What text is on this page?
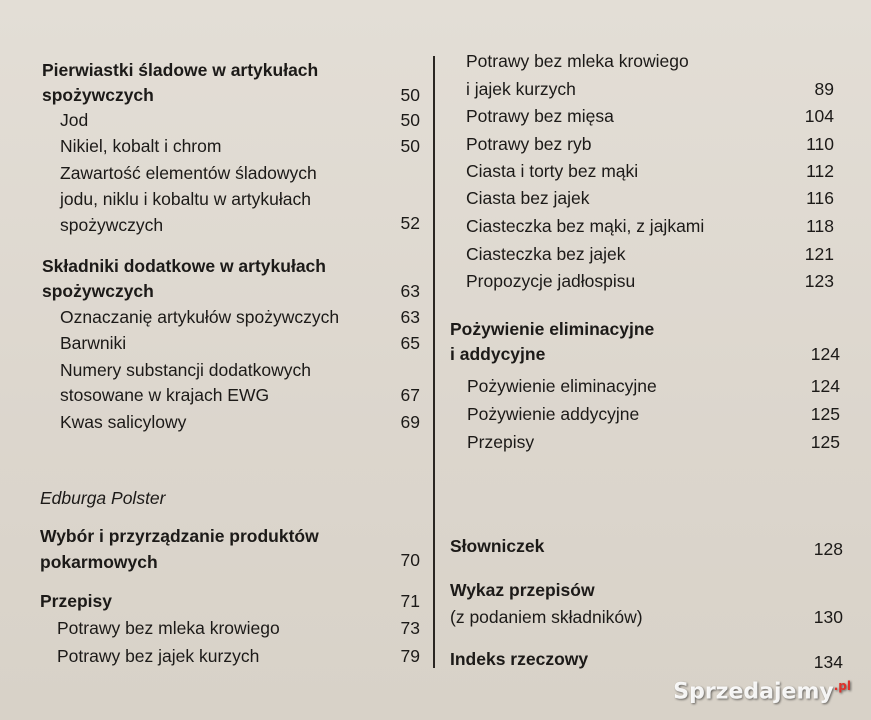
Pierwiastki śladowe w artykułach
spożywczych	50
Jod	50
Nikiel, kobalt i chrom	50
Zawartość elementów śladowych
jodu, niklu i kobaltu w artykułach
spożywczych	52
Składniki dodatkowe w artykułach
spożywczych	63
Oznaczanię artykułów spożywczych	63
Barwniki	65
Numery substancji dodatkowych
stosowane w krajach EWG	67
Kwas salicylowy	69
Edburga Polster
Wybór i przyrządzanie produktów
pokarmowych	70
Przepisy	71
Potrawy bez mleka krowiego	73
Potrawy bez jajek kurzych	79
Potrawy bez mleka krowiego
i jajek kurzych	89
Potrawy bez mięsa	104
Potrawy bez ryb	110
Ciasta i torty bez mąki	112
Ciasta bez jajek	116
Ciasteczka bez mąki, z jajkami	118
Ciasteczka bez jajek	121
Propozycje jadłospisu	123
Pożywienie eliminacyjne
i addycyjne	124
Pożywienie eliminacyjne	124
Pożywienie addycyjne	125
Przepisy	125
Słowniczek	128
Wykaz przepisów
(z podaniem składników)	130
Indeks rzeczowy	134
Sprzedajemy$^{.pl}$
